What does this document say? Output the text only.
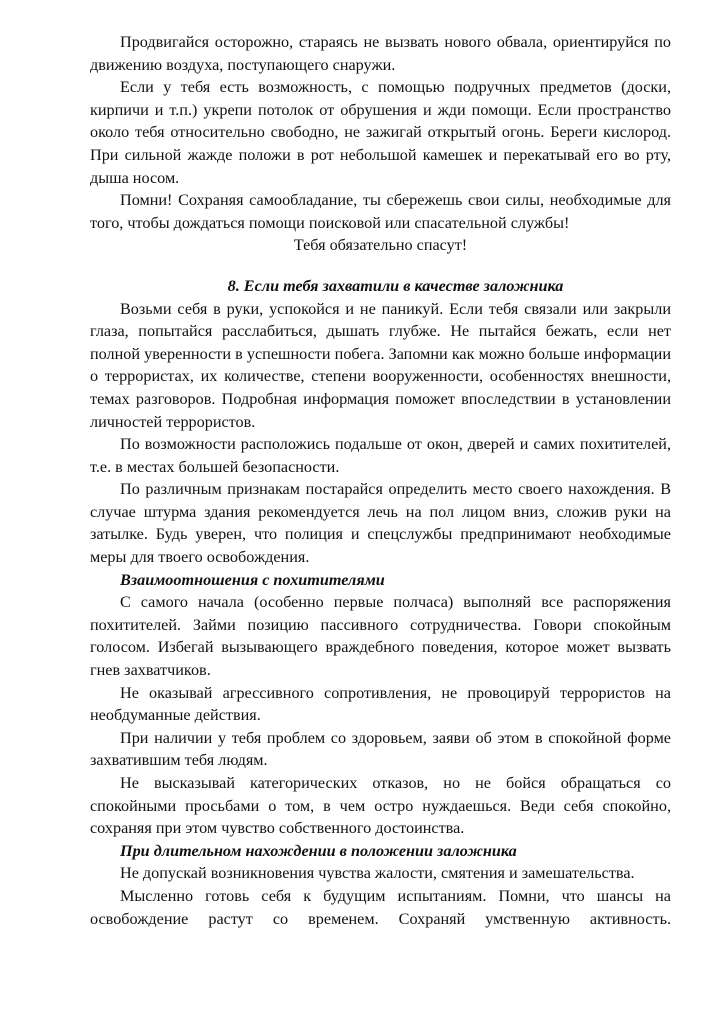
Продвигайся осторожно, стараясь не вызвать нового обвала, ориентируйся по движению воздуха, поступающего снаружи.

Если у тебя есть возможность, с помощью подручных предметов (доски, кирпичи и т.п.) укрепи потолок от обрушения и жди помощи. Если пространство около тебя относительно свободно, не зажигай открытый огонь. Береги кислород. При сильной жажде положи в рот небольшой камешек и перекатывай его во рту, дыша носом.

Помни! Сохраняя самообладание, ты сбережешь свои силы, необходимые для того, чтобы дождаться помощи поисковой или спасательной службы!

Тебя обязательно спасут!

8. Если тебя захватили в качестве заложника

Возьми себя в руки, успокойся и не паникуй. Если тебя связали или закрыли глаза, попытайся расслабиться, дышать глубже. Не пытайся бежать, если нет полной уверенности в успешности побега. Запомни как можно больше информации о террористах, их количестве, степени вооруженности, особенностях внешности, темах разговоров. Подробная информация поможет впоследствии в установлении личностей террористов.

По возможности расположись подальше от окон, дверей и самих похитителей, т.е. в местах большей безопасности.

По различным признакам постарайся определить место своего нахождения. В случае штурма здания рекомендуется лечь на пол лицом вниз, сложив руки на затылке. Будь уверен, что полиция и спецслужбы предпринимают необходимые меры для твоего освобождения.

Взаимоотношения с похитителями

С самого начала (особенно первые полчаса) выполняй все распоряжения похитителей. Займи позицию пассивного сотрудничества. Говори спокойным голосом. Избегай вызывающего враждебного поведения, которое может вызвать гнев захватчиков.

Не оказывай агрессивного сопротивления, не провоцируй террористов на необдуманные действия.

При наличии у тебя проблем со здоровьем, заяви об этом в спокойной форме захватившим тебя людям.

Не высказывай категорических отказов, но не бойся обращаться со спокойными просьбами о том, в чем остро нуждаешься. Веди себя спокойно, сохраняя при этом чувство собственного достоинства.

При длительном нахождении в положении заложника

Не допускай возникновения чувства жалости, смятения и замешательства.

Мысленно готовь себя к будущим испытаниям. Помни, что шансы на освобождение растут со временем. Сохраняй умственную активность.
